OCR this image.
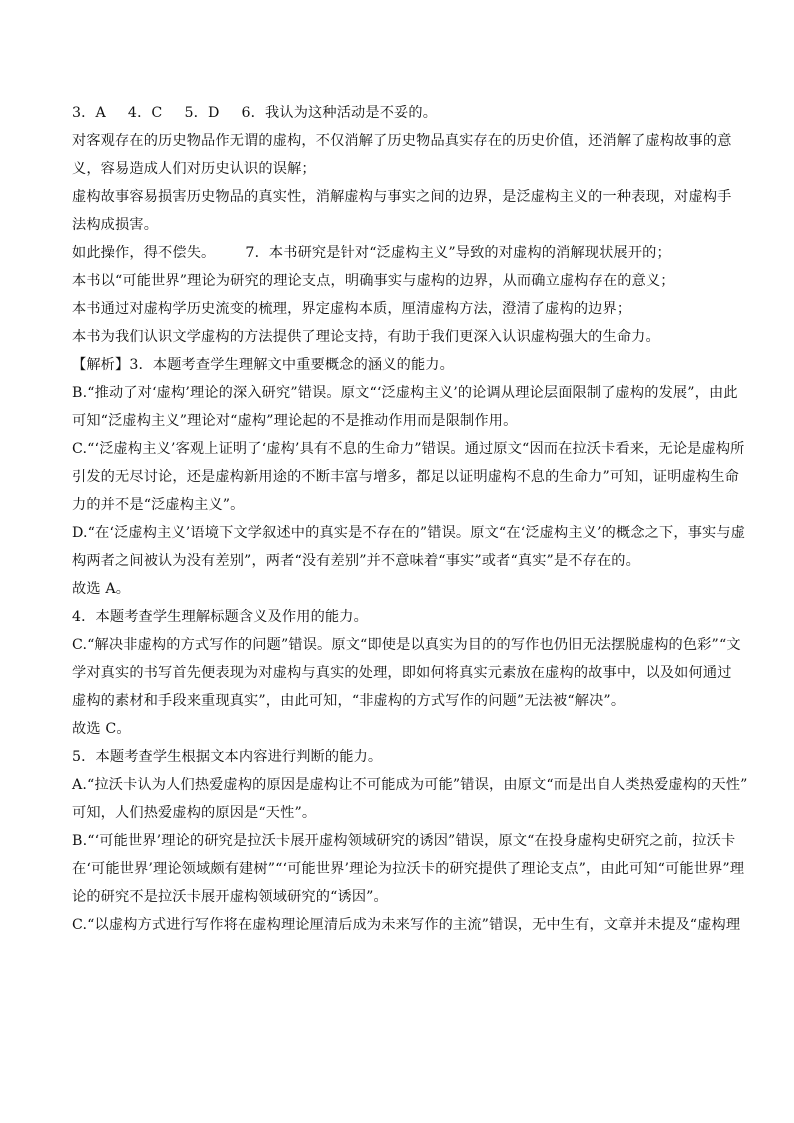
3．A 4．C 5．D 6．我认为这种活动是不妥的。
对客观存在的历史物品作无谓的虚构，不仅消解了历史物品真实存在的历史价值，还消解了虚构故事的意
义，容易造成人们对历史认识的误解；
虚构故事容易损害历史物品的真实性，消解虚构与事实之间的边界，是泛虚构主义的一种表现，对虚构手
法构成损害。
如此操作，得不偿失。 7．本书研究是针对“泛虚构主义”导致的对虚构的消解现状展开的；
本书以“可能世界”理论为研究的理论支点，明确事实与虚构的边界，从而确立虚构存在的意义；
本书通过对虚构学历史流变的梳理，界定虚构本质，厘清虚构方法，澄清了虚构的边界；
本书为我们认识文学虚构的方法提供了理论支持，有助于我们更深入认识虚构强大的生命力。
【解析】3．本题考查学生理解文中重要概念的涵义的能力。
B.“推动了对‘虚构’理论的深入研究”错误。原文“‘泛虚构主义’的论调从理论层面限制了虚构的发展”，由此
可知“泛虚构主义”理论对“虚构”理论起的不是推动作用而是限制作用。
C.“‘泛虚构主义’客观上证明了‘虚构’具有不息的生命力”错误。通过原文“因而在拉沃卡看来，无论是虚构所
引发的无尽讨论，还是虚构新用途的不断丰富与增多，都足以证明虚构不息的生命力”可知，证明虚构生命
力的并不是“泛虚构主义”。
D.“在‘泛虚构主义’语境下文学叙述中的真实是不存在的”错误。原文“在‘泛虚构主义’的概念之下，事实与虚
构两者之间被认为没有差别”，两者“没有差别”并不意味着“事实”或者“真实”是不存在的。
故选 A。
4．本题考查学生理解标题含义及作用的能力。
C.“解决非虚构的方式写作的问题”错误。原文“即使是以真实为目的的写作也仍旧无法摆脱虚构的色彩”“文
学对真实的书写首先便表现为对虚构与真实的处理，即如何将真实元素放在虚构的故事中，以及如何通过
虚构的素材和手段来重现真实”，由此可知，“非虚构的方式写作的问题”无法被“解决”。
故选 C。
5．本题考查学生根据文本内容进行判断的能力。
A.“拉沃卡认为人们热爱虚构的原因是虚构让不可能成为可能”错误，由原文“而是出自人类热爱虚构的天性”
可知，人们热爱虚构的原因是“天性”。
B.“‘可能世界’理论的研究是拉沃卡展开虚构领域研究的诱因”错误，原文“在投身虚构史研究之前，拉沃卡
在‘可能世界’理论领域颇有建树”“‘可能世界’理论为拉沃卡的研究提供了理论支点”，由此可知“可能世界”理
论的研究不是拉沃卡展开虚构领域研究的“诱因”。
C.“以虚构方式进行写作将在虚构理论厘清后成为未来写作的主流”错误，无中生有，文章并未提及“虚构理
